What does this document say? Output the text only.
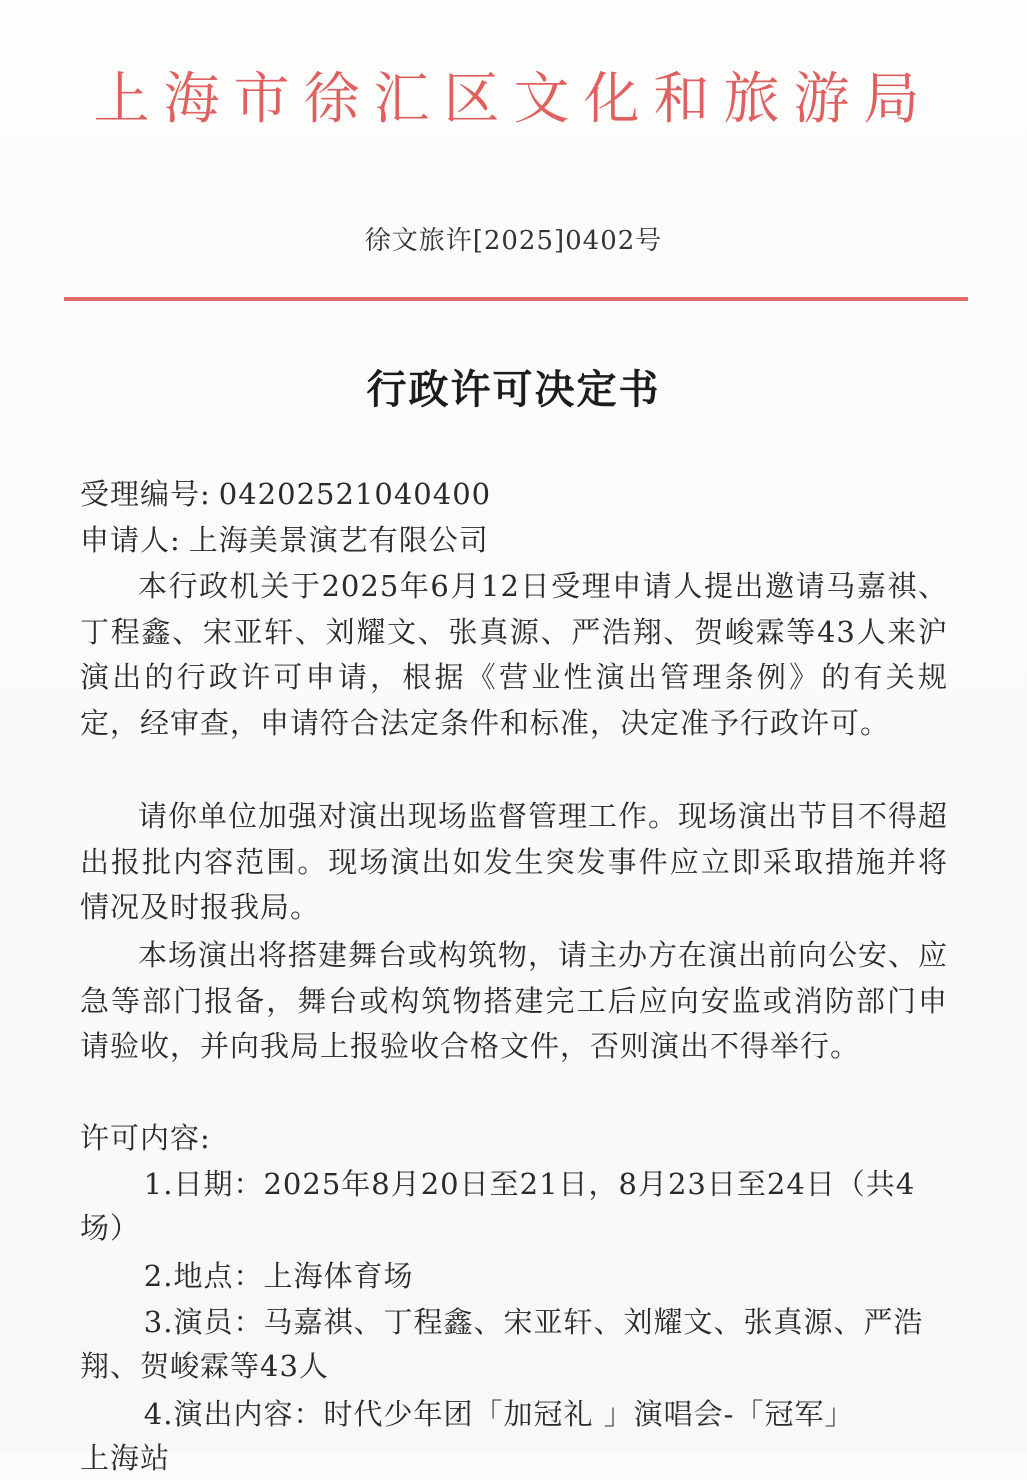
上海市徐汇区文化和旅游局
徐文旅许[2025]0402号
行政许可决定书
受理编号: 04202521040400
申请人: 上海美景演艺有限公司
本行政机关于2025年6月12日受理申请人提出邀请马嘉祺、丁程鑫、宋亚轩、刘耀文、张真源、严浩翔、贺峻霖等43人来沪演出的行政许可申请，根据《营业性演出管理条例》的有关规定，经审查，申请符合法定条件和标准，决定准予行政许可。
请你单位加强对演出现场监督管理工作。现场演出节目不得超出报批内容范围。现场演出如发生突发事件应立即采取措施并将情况及时报我局。
本场演出将搭建舞台或构筑物，请主办方在演出前向公安、应急等部门报备，舞台或构筑物搭建完工后应向安监或消防部门申请验收，并向我局上报验收合格文件，否则演出不得举行。
许可内容:
1.日期：2025年8月20日至21日，8月23日至24日（共4场）
2.地点：上海体育场
3.演员：马嘉祺、丁程鑫、宋亚轩、刘耀文、张真源、严浩翔、贺峻霖等43人
4.演出内容：时代少年团「加冠礼 」演唱会-「冠军」
上海站
